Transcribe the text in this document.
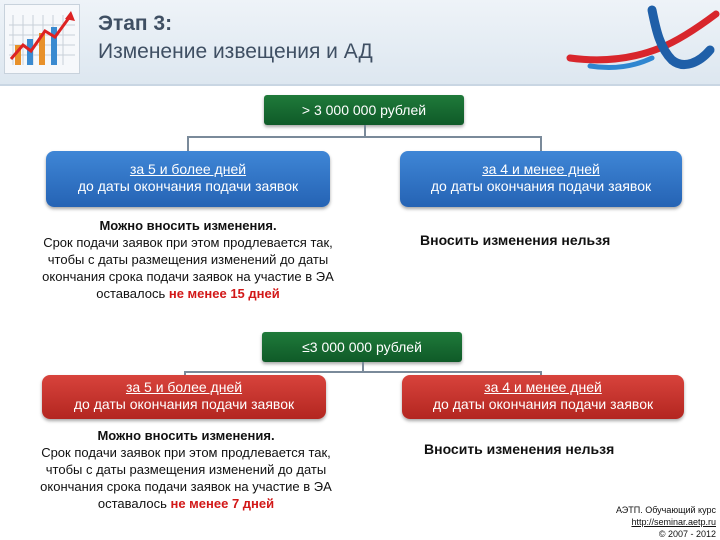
Этап 3:
Изменение извещения и АД
> 3 000 000 рублей
за 5 и более дней
до даты окончания подачи заявок
за 4 и менее дней
до даты окончания подачи заявок
Можно вносить изменения.
Срок подачи заявок при этом продлевается так,
чтобы с даты размещения изменений до даты
окончания срока подачи заявок на участие в ЭА
оставалось не менее 15 дней
Вносить изменения нельзя
≤3 000 000 рублей
за 5 и более дней
до даты окончания подачи заявок
за 4 и менее дней
до даты окончания подачи заявок
Можно вносить изменения.
Срок подачи заявок при этом продлевается так,
чтобы с даты размещения изменений до даты
окончания срока подачи заявок на участие в ЭА
оставалось не менее 7 дней
Вносить изменения нельзя
АЭТП. Обучающий курс
http://seminar.aetp.ru
© 2007 - 2012
